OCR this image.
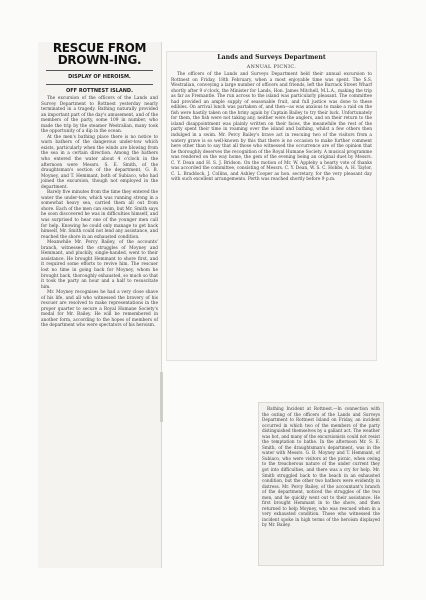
RESCUE FROM DROWN-ING.
DISPLAY OF HEROISM.
OFF ROTTNEST ISLAND.

The excursion of the officers of the Lands and Survey Department to Rottnest yesterday nearly terminated in a tragedy. Bathing naturally provided an important part of the day's amusement, and of the members of the party, some 109 in number, who made the trip by the steamer Westralian, many took the opportunity of a dip in the ocean.

At the men's bathing place there is no notice to warn bathers of the dangerous under-tow which exists, particularly when the winds are blowing from the sea in a certain direction. Among the bathers who entered the water about 4 o'clock in the afternoon were Messrs. S. E. Smith, of the draughtsman's section of the department, G. B. Moyney, and T. Hemmant, both of Subiaco, who had joined the excursion, though not employed in the department.

Barely five minutes from the time they entered the water the under-tow, which was running strong in a somewhat heavy sea, carried them all out from shore. Each of the men can swim, but Mr. Smith says he soon discovered he was in difficulties himself, and was surprised to hear one of the younger men call for help. Knowing he could only manage to get back himself, Mr. Smith could not lend any assistance, and reached the shore in an exhausted condition.

Meanwhile Mr. Percy Bailey, of the accounts' branch, witnessed the struggles of Moyney and Hemmant, and pluckily, single-handed, went to their assistance. He brought Hemmant to shore first, and it required some efforts to revive him. The rescuer lost no time in going back for Moyney, whom he brought back, thoroughly exhausted, so much so that it took the party an hour and a half to resuscitate him.

Mr. Moyney recognises he had a very close shave of his life, and all who witnessed the bravery of his rescuer are resolved to make representations in the proper quarter to secure a Royal Humane Society's medal for Mr. Bailey. He will be remembered in another form, according to the hopes of members of the department who were spectators of his heroism.

Lands and Surveys Department
ANNUAL PICNIC.

The officers of the Lands and Surveys Department held their annual excursion to Rottnest on Friday, 18th February, when a most enjoyable time was spent. The S.S. Westralian, conveying a large number of officers and friends, left the Barrack Street Wharf shortly after 9 o'clock, the Minister for Lands, Hon. James Mitchell, M.L.A., making the trip as far as Fremantle. The run across to the island was particularly pleasant. The committee had provided an ample supply of seasonable fruit, and full justice was done to these edibles. On arrival lunch was partaken of, and then—as was anxious to make a raid on the fish were hastily taken on the briny again by Captain Bailey to try their luck. Unfortunately for them, the fish were not taking any, neither were the anglers, and on their return to the island disappointment was plainly written on their faces, the meanwhile the rest of the party spent their time in roaming over the island and bathing, whilst a few others then indulged in a swim. Mr. Percy Bailey's brave act in rescuing two of the visitors from a watery grave is so well-known by this that there is no occasion to make further comment here other than to say that all those who witnessed the occurrence are of the opinion that he thoroughly deserves the recognition of the Royal Humane Society. A musical programme was rendered on the way home, the gem of the evening being an original duet by Messrs. C. Y. Dean and H. S. J. Bridson. On the motion of Mr. W. Appleby a hearty vote of thanks was accorded the committee, consisting of Messrs. C. Y. Dean, W. S. C. Hobbs, A. H. Taylor, C. L. Braddock, J. Collins, and Ashley Cooper as hon. secretary, for the very pleasant day with such excellent arrangements. Perth was reached shortly before 9 p.m.

Bathing Incident at Rottnest.—In connection with the outing of the officers of the Lands and Surveys Department to Rottnest Island on Friday, an incident occurred in which two of the members of the party distinguished themselves by a gallant act. The weather was hot, and many of the excursionists could not resist the temptation to bathe. In the afternoon Mr. S. E. Smith, of the draughtsman's department, was in the water with Messrs. G. B. Moyney and T. Hemmant, of Subiaco, who were visitors at the picnic, when owing to the treacherous nature of the under current they got into difficulties, and there was a cry for help. Mr. Smith struggled back to the beach in an exhausted condition, but the other two bathers were evidently in distress. Mr. Percy Bailey, of the accountant's branch of the department, noticed the struggles of the two men, and he quickly went out to their assistance. He first brought Hemmant in to the shore, and then returned to help Moyney, who was rescued when in a very exhausted condition. Those who witnessed the incident spoke in high terms of the heroism displayed by Mr. Bailey.
